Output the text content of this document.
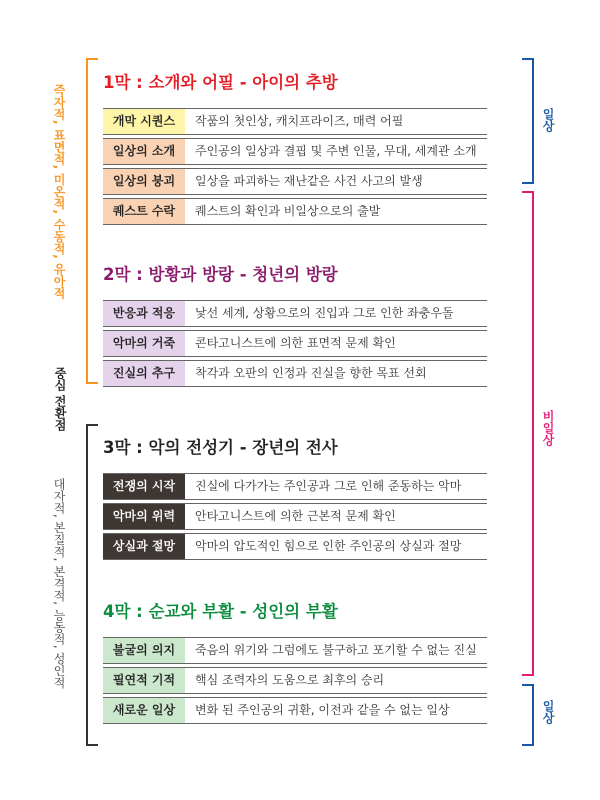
즉자적, 표면적, 미온적, 수동적, 유아적
중심 전환점
대자적, 본질적, 본격적, 능동적, 성인적
일상
비일상
일상
1막 : 소개와 어필 - 아이의 추방
개막 시퀀스	작품의 첫인상, 캐치프라이즈, 매력 어필
일상의 소개	주인공의 일상과 결핍 및 주변 인물, 무대, 세계관 소개
일상의 붕괴	일상을 파괴하는 재난같은 사건 사고의 발생
퀘스트 수락	퀘스트의 확인과 비일상으로의 출발
2막 : 방황과 방랑 - 청년의 방랑
반응과 적응	낯선 세계, 상황으로의 진입과 그로 인한 좌충우돌
악마의 거죽	콘타고니스트에 의한 표면적 문제 확인
진실의 추구	착각과 오판의 인정과 진실을 향한 목표 선회
3막 : 악의 전성기 - 장년의 전사
전쟁의 시작	진실에 다가가는 주인공과 그로 인해 준동하는 악마
악마의 위력	안타고니스트에 의한 근본적 문제 확인
상실과 절망	악마의 압도적인 힘으로 인한 주인공의 상실과 절망
4막 : 순교와 부활 - 성인의 부활
불굴의 의지	죽음의 위기와 그럼에도 불구하고 포기할 수 없는 진실
필연적 기적	핵심 조력자의 도움으로 최후의 승리
새로운 일상	변화 된 주인공의 귀환, 이전과 같을 수 없는 일상
